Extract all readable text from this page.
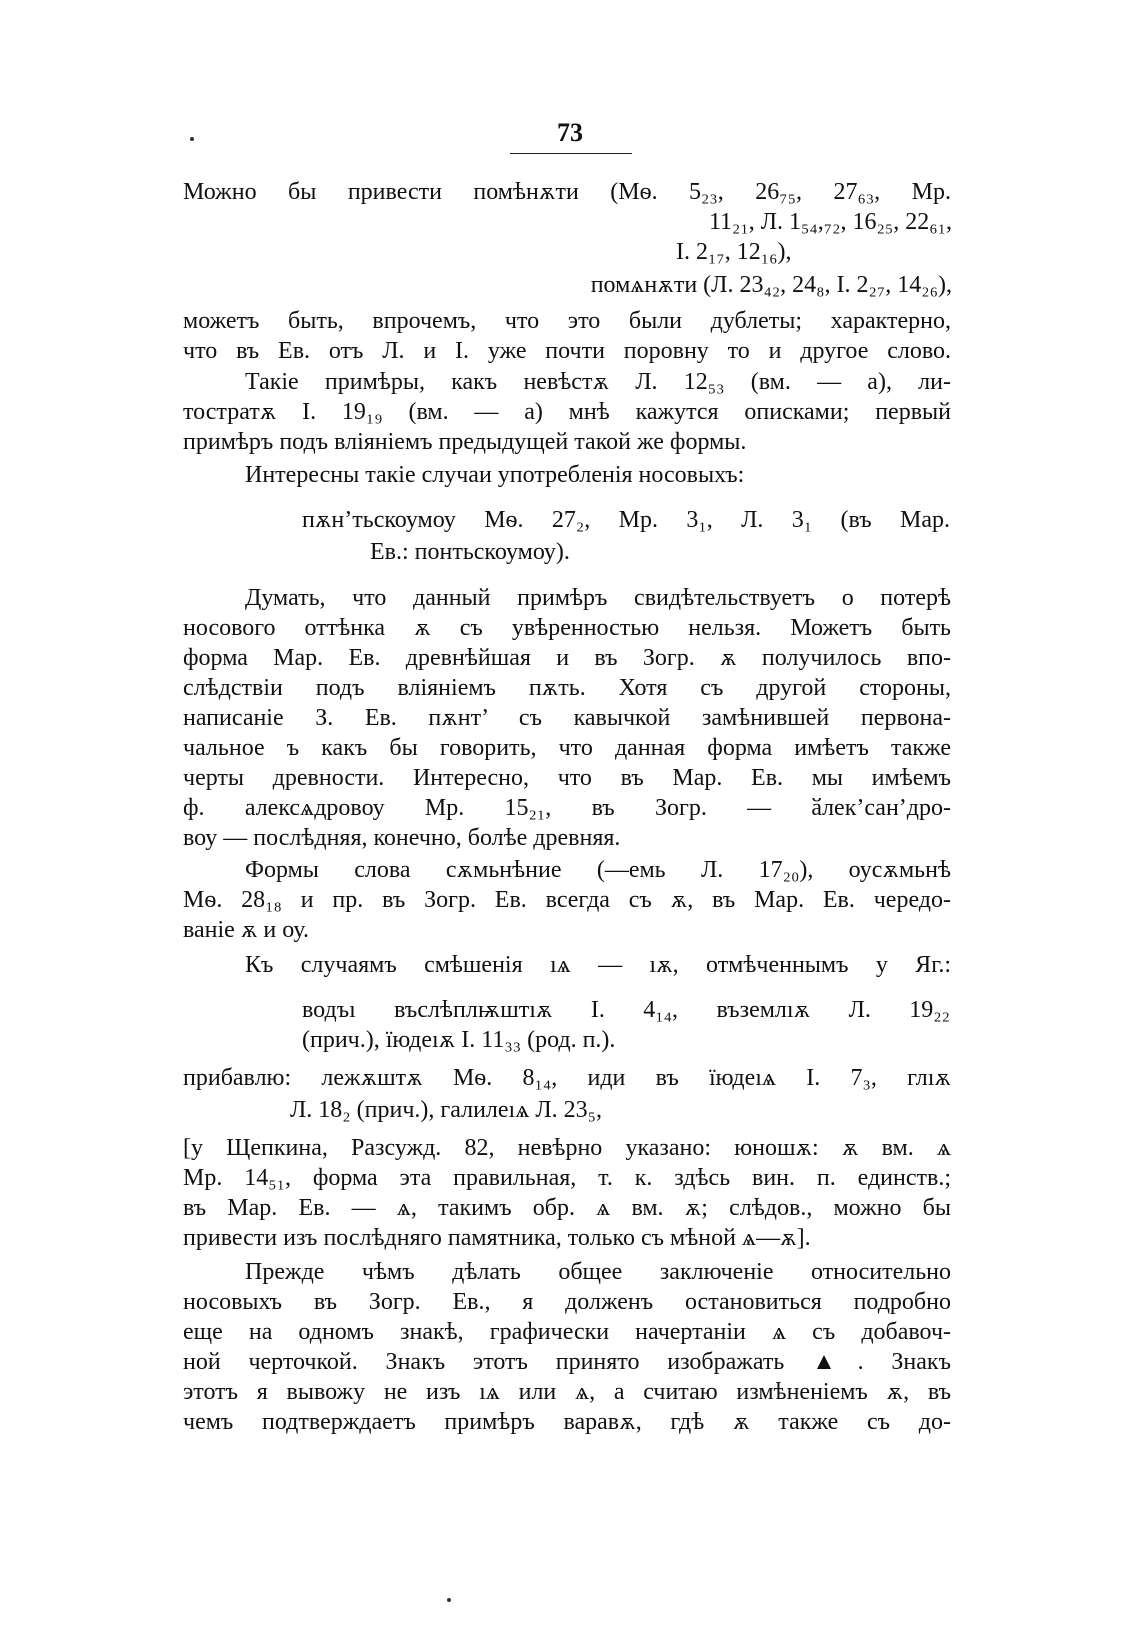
73
Можно бы привести помѣнѫти (Мѳ. 5₂₃, 26₇₅, 27₆₃, Мр.
11₂₁, Л. 1₅₄,₇₂, 16₂₅, 22₆₁,
Ӏ. 2₁₇, 12₁₆),
помѧнѫти (Л. 23₄₂, 24₈, Ӏ. 2₂₇, 14₂₆),
можетъ быть, впрочемъ, что это были дублеты; характерно,
что въ Ев. отъ Л. и Ӏ. уже почти поровну то и другое слово.
Такіе примѣры, какъ невѣстѫ Л. 12₅₃ (вм. — а), ли-
тостратѫ Ӏ. 19₁₉ (вм. — а) мнѣ кажутся описками; первый
примѣръ подъ вліяніемъ предыдущей такой же формы.
Интересны такіе случаи употребленія носовыхъ:
пѫн’тьскоумоу Мѳ. 27₂, Мр. 3₁, Л. 3₁ (въ Мар.
Ев.: понтьскоумоу).
Думать, что данный примѣръ свидѣтельствуетъ о потерѣ
носового оттѣнка ѫ съ увѣренностью нельзя. Можетъ быть
форма Мар. Ев. древнѣйшая и въ Зогр. ѫ получилось впо-
слѣдствіи подъ вліяніемъ пѫть. Хотя съ другой стороны,
написаніе З. Ев. пѫнт’ съ кавычкой замѣнившей первона-
чальное ъ какъ бы говорить, что данная форма имѣетъ также
черты древности. Интересно, что въ Мар. Ев. мы имѣемъ
ф. алексѧдровоу Мр. 15₂₁, въ Зогр. — ӑлек’сан’дро-
воу — послѣдняя, конечно, болѣе древняя.
Формы слова сѫмьнѣние (—емь Л. 17₂₀), оусѫмьнѣ
Мѳ. 28₁₈ и пр. въ Зогр. Ев. всегда съ ѫ, въ Мар. Ев. чередо-
ваніе ѫ и оу.
Къ случаямъ смѣшенія ıѧ — ıѫ, отмѣченнымъ у Яг.:
водъı въслѣплѭштıѫ Ӏ. 4₁₄, въземлıѫ Л. 19₂₂
(прич.), їюдеıѫ Ӏ. 11₃₃ (род. п.).
прибавлю: лежѫштѫ Мѳ. 8₁₄, иди въ їюдеıѧ Ӏ. 7₃, глıѫ
Л. 18₂ (прич.), галилеıѧ Л. 23₅,
[у Щепкина, Разсужд. 82, невѣрно указано: юношѫ: ѫ вм. ѧ
Мр. 14₅₁, форма эта правильная, т. к. здѣсь вин. п. единств.;
въ Мар. Ев. — ѧ, такимъ обр. ѧ вм. ѫ; слѣдов., можно бы
привести изъ послѣдняго памятника, только съ мѣной ѧ—ѫ].
Прежде чѣмъ дѣлать общее заключеніе относительно
носовыхъ въ Зогр. Ев., я долженъ остановиться подробно
еще на одномъ знакѣ, графически начертаніи ѧ съ добавоч-
ной черточкой. Знакъ этотъ принято изображать ▲. Знакъ
этотъ я вывожу не изъ ıѧ или ѧ, а считаю измѣненіемъ ѫ, въ
чемъ подтверждаетъ примѣръ варавѫ, гдѣ ѫ также съ до-
